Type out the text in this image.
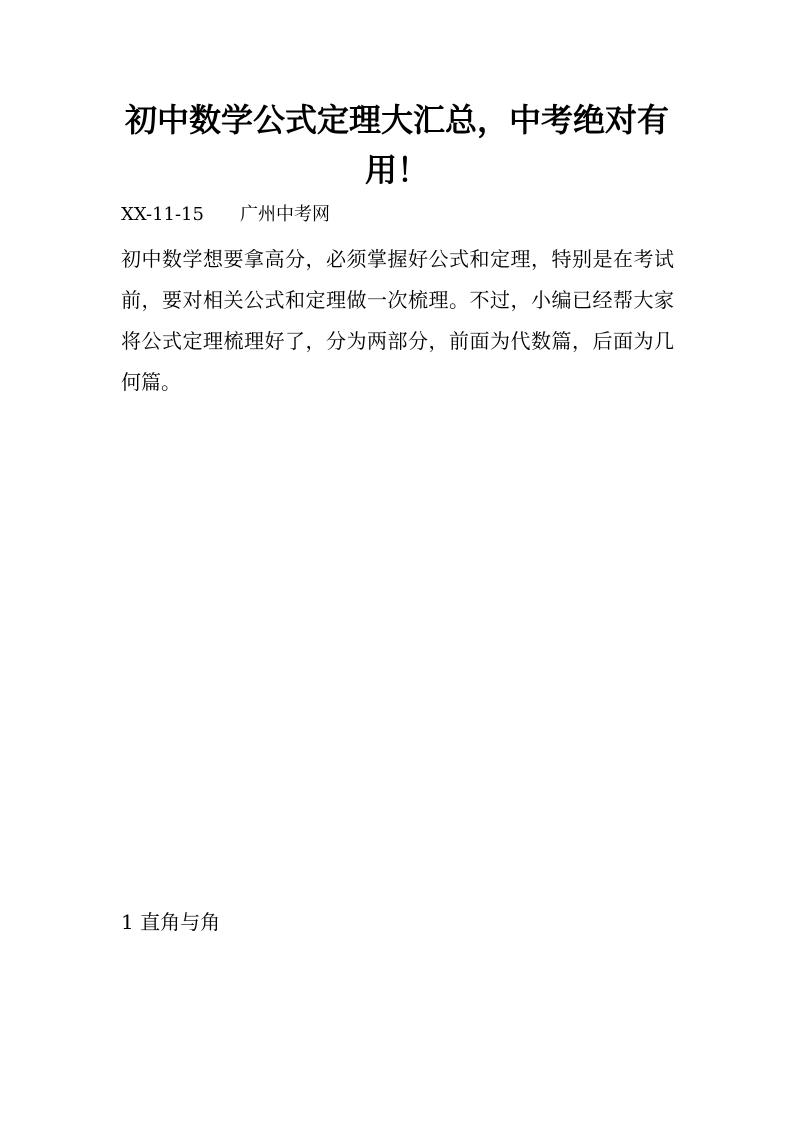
初中数学公式定理大汇总，中考绝对有用！
XX-11-15 广州中考网

初中数学想要拿高分，必须掌握好公式和定理，特别是在考试前，要对相关公式和定理做一次梳理。不过，小编已经帮大家将公式定理梳理好了，分为两部分，前面为代数篇，后面为几何篇。

1 直角与角
